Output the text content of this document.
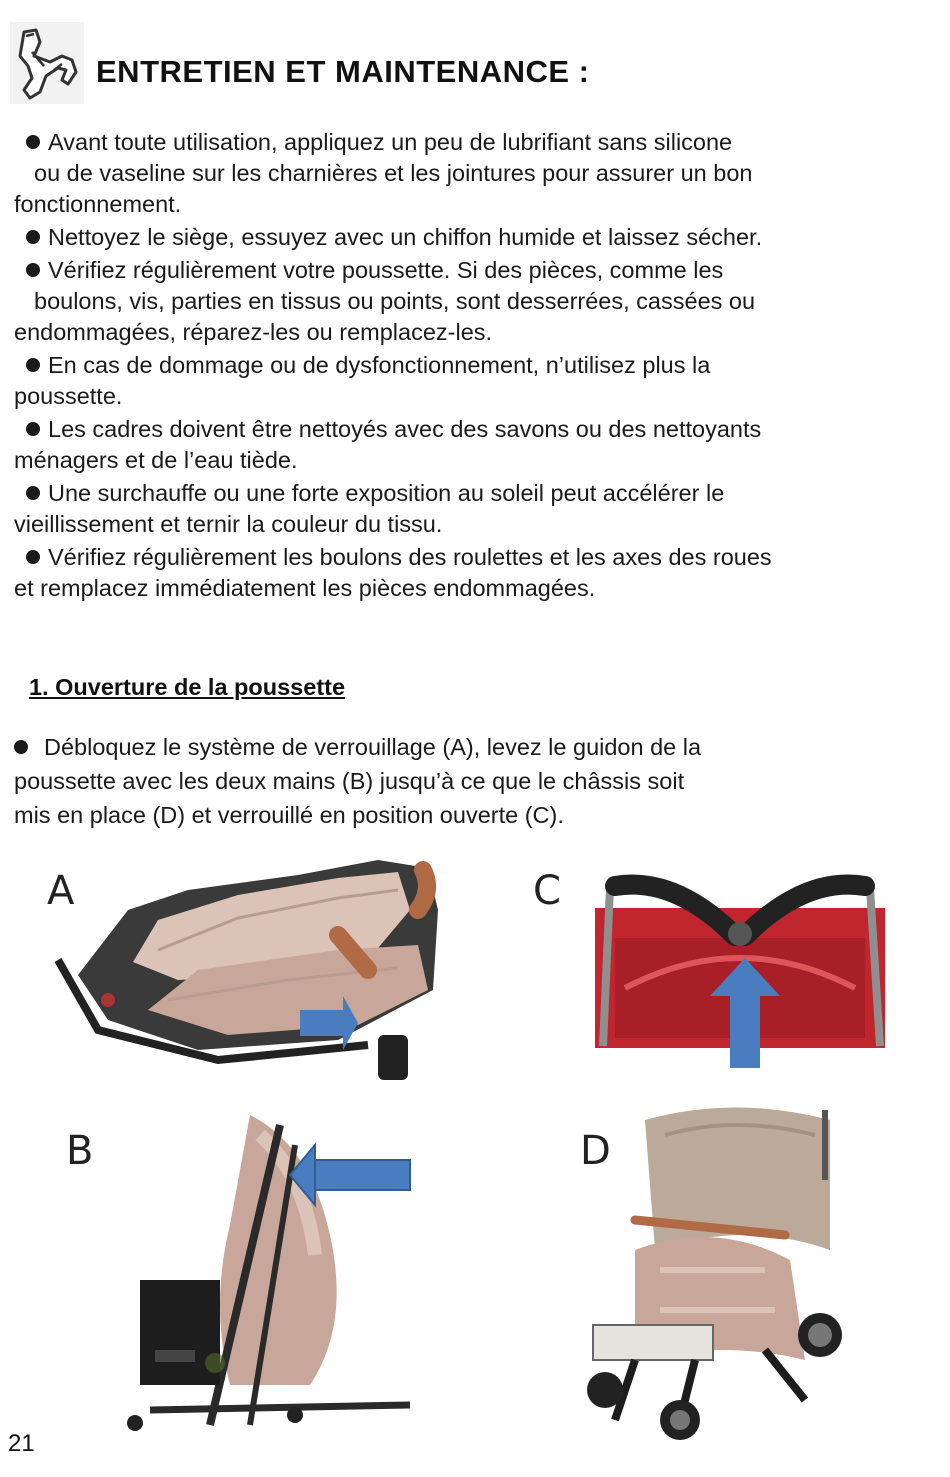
ENTRETIEN ET MAINTENANCE :
Avant toute utilisation, appliquez un peu de lubrifiant sans silicone
ou de vaseline sur les charnières et les jointures pour assurer un bon
fonctionnement.
Nettoyez le siège, essuyez avec un chiffon humide et laissez sécher.
Vérifiez régulièrement votre poussette. Si des pièces, comme les
boulons, vis, parties en tissus ou points, sont desserrées, cassées ou
endommagées, réparez-les ou remplacez-les.
En cas de dommage ou de dysfonctionnement, n’utilisez plus la
poussette.
Les cadres doivent être nettoyés avec des savons ou des nettoyants
ménagers et de l’eau tiède.
Une surchauffe ou une forte exposition au soleil peut accélérer le
vieillissement et ternir la couleur du tissu.
Vérifiez régulièrement les boulons des roulettes et les axes des roues
et remplacez immédiatement les pièces endommagées.
1. Ouverture de la poussette
Débloquez le système de verrouillage (A), levez le guidon de la
poussette avec les deux mains (B) jusqu’à ce que le châssis soit
mis en place (D) et verrouillé en position ouverte (C).
A	C
B	D
21
